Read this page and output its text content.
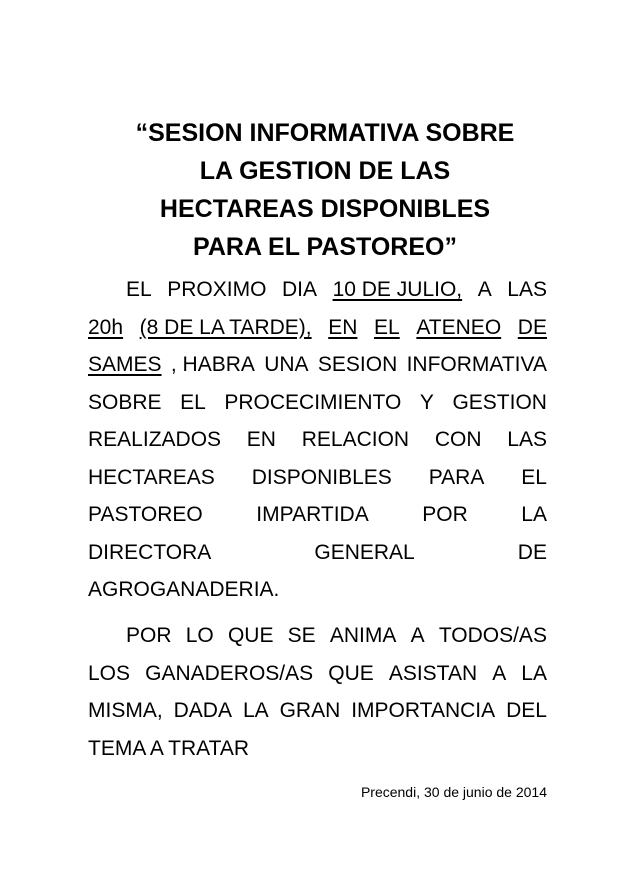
“SESION INFORMATIVA SOBRE
LA GESTION DE LAS
HECTAREAS DISPONIBLES
PARA EL PASTOREO”
EL PROXIMO DIA 10 DE JULIO, A LAS
20h (8 DE LA TARDE), EN EL ATENEO DE
SAMES , HABRA UNA SESION INFORMATIVA
SOBRE EL PROCECIMIENTO Y GESTION
REALIZADOS EN RELACION CON LAS
HECTAREAS DISPONIBLES PARA EL
PASTOREO	IMPARTIDA	POR	LA
DIRECTORA	GENERAL	DE
AGROGANADERIA.
POR LO QUE SE ANIMA A TODOS/AS
LOS GANADEROS/AS QUE ASISTAN A LA
MISMA, DADA LA GRAN IMPORTANCIA DEL
TEMA A TRATAR
Precendi, 30 de junio de 2014
